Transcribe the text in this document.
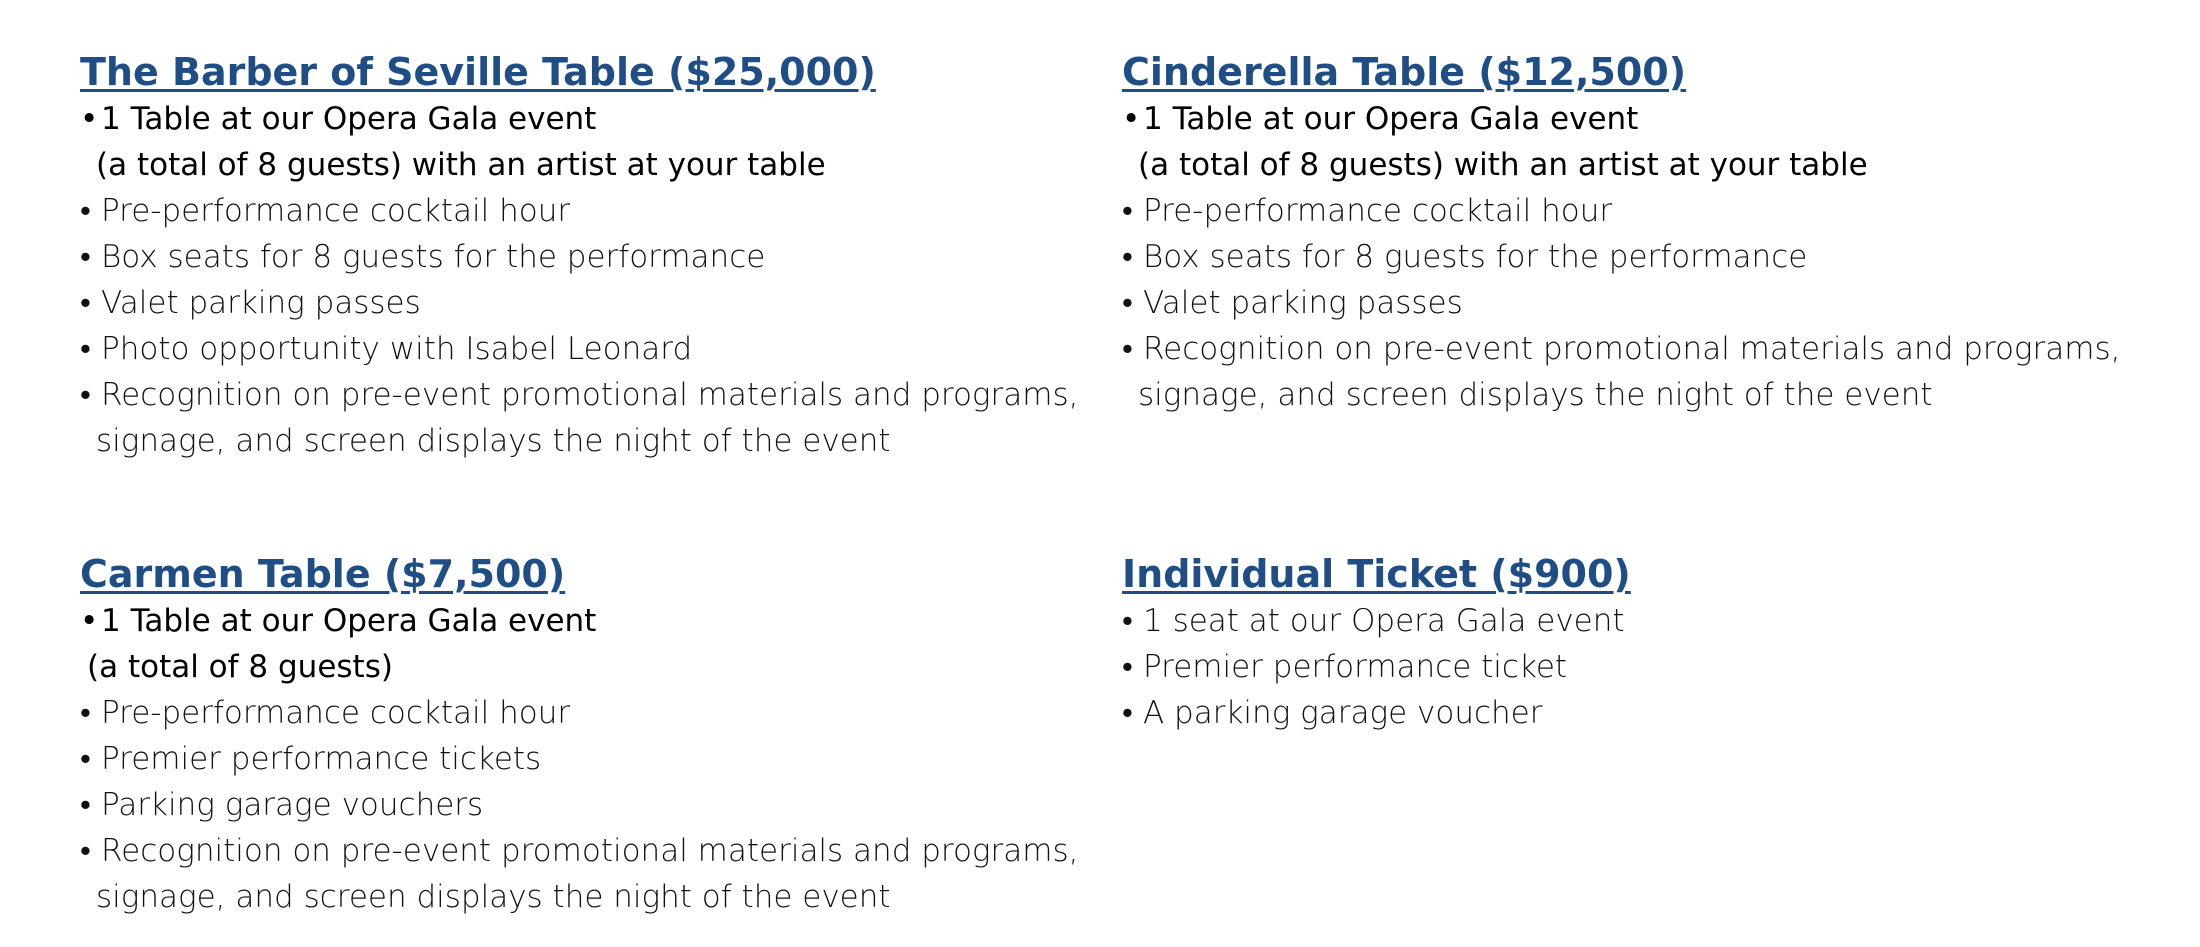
The Barber of Seville Table ($25,000)
•1 Table at our Opera Gala event
(a total of 8 guests) with an artist at your table
• Pre-performance cocktail hour
• Box seats for 8 guests for the performance
• Valet parking passes
• Photo opportunity with Isabel Leonard
• Recognition on pre-event promotional materials and programs,
signage, and screen displays the night of the event
Cinderella Table ($12,500)
•1 Table at our Opera Gala event
(a total of 8 guests) with an artist at your table
• Pre-performance cocktail hour
• Box seats for 8 guests for the performance
• Valet parking passes
• Recognition on pre-event promotional materials and programs,
signage, and screen displays the night of the event
Carmen Table ($7,500)
•1 Table at our Opera Gala event
(a total of 8 guests)
• Pre-performance cocktail hour
• Premier performance tickets
• Parking garage vouchers
• Recognition on pre-event promotional materials and programs,
signage, and screen displays the night of the event
Individual Ticket ($900)
• 1 seat at our Opera Gala event
• Premier performance ticket
• A parking garage voucher
